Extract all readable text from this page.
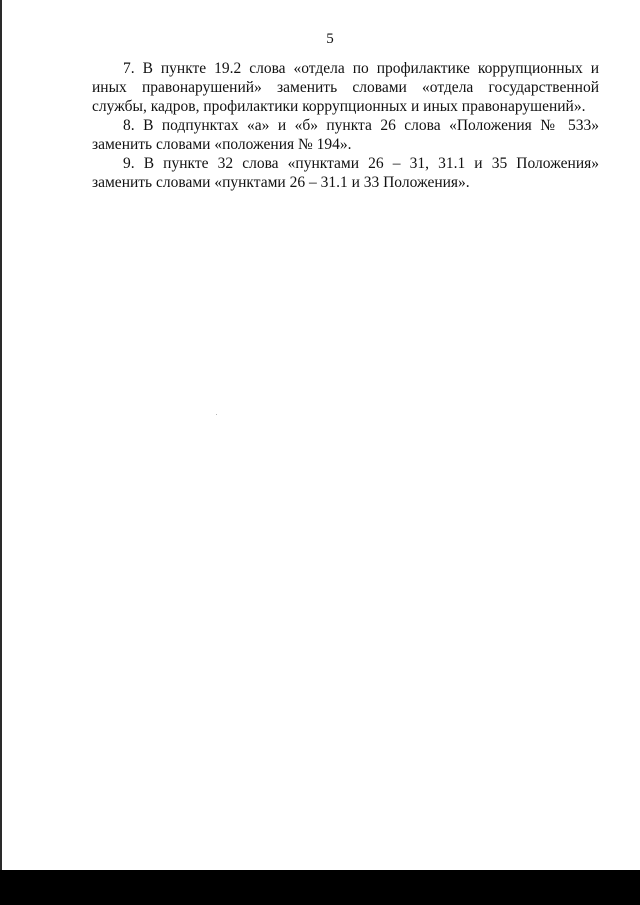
5

7. В пункте 19.2 слова «отдела по профилактике коррупционных и иных правонарушений» заменить словами «отдела государственной службы, кадров, профилактики коррупционных и иных правонарушений».

8. В подпунктах «а» и «б» пункта 26 слова «Положения № 533» заменить словами «положения № 194».

9. В пункте 32 слова «пунктами 26 – 31, 31.1 и 35 Положения» заменить словами «пунктами 26 – 31.1 и 33 Положения».
